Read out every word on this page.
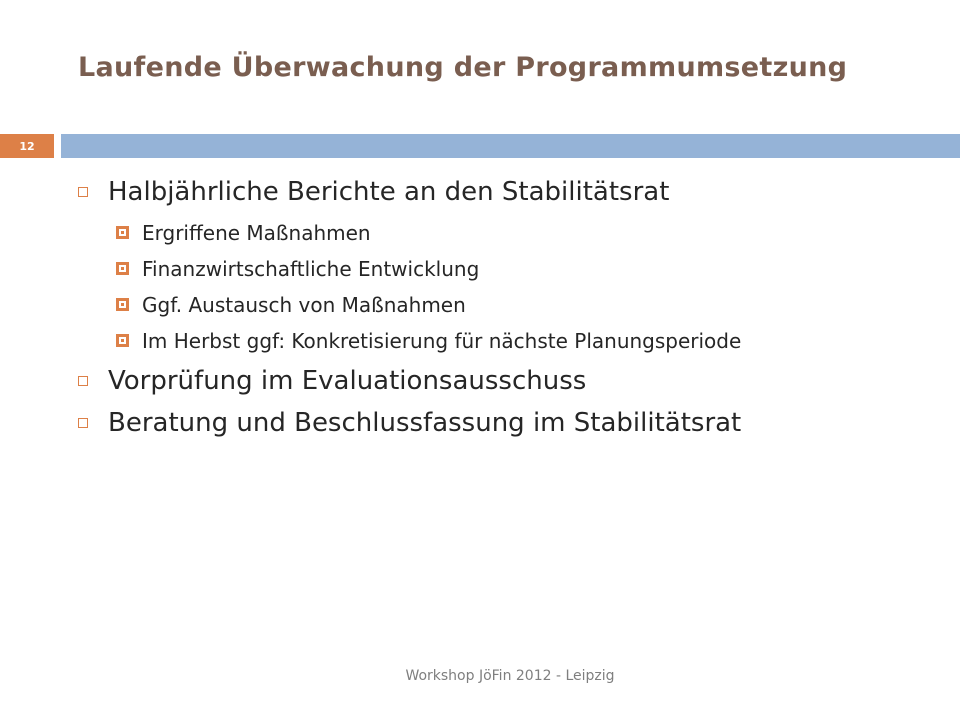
Laufende Überwachung der Programmumsetzung
12
Halbjährliche Berichte an den Stabilitätsrat
Ergriffene Maßnahmen
Finanzwirtschaftliche Entwicklung
Ggf. Austausch von Maßnahmen
Im Herbst ggf: Konkretisierung für nächste Planungsperiode
Vorprüfung im Evaluationsausschuss
Beratung und Beschlussfassung im Stabilitätsrat
Workshop JöFin 2012 - Leipzig
